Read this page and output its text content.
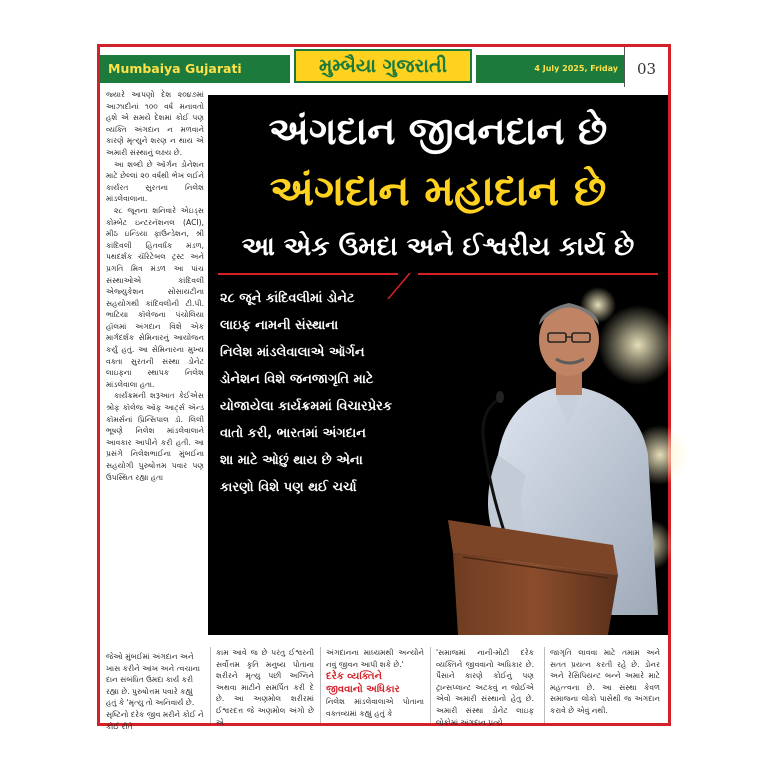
Mumbaiya Gujarati	મુમ્બૈયા ગુજરાતી	4 July 2025, Friday	03

જ્યારે આપણો દેશ ૨૦૪૭માં આઝાદીનાં ૧૦૦ વર્ષ મનાવતો હશે એ સમયે દેશમાં કોઈ પણ વ્યક્તિ અંગદાન ન મળવાને કારણે મૃત્યુને શરણ ન થાય એ અમારી સંસ્થાનું લક્ષ્ય છે.

આ શબ્દો છે ઑર્ગન ડોનેશન માટે છેલ્લાં ૨૦ વર્ષથી ભેખ લઈને કાર્યરત સુરતના નિલેશ માંડલેવાલાના.

૨૮ જૂનના શનિવારે એઇડ્સ કોમ્બેટ ઇન્ટરનૅશનલ (ACI), મીઠ ઇન્ડિયા ફાઉન્ડેશન, શ્રી કાંદિવલી હિતવર્ધક મંડળ, પથદર્શક ચૅરિટેબલ ટ્રસ્ટ અને પ્રગતિ મિત્ર મંડળ આ પાંચ સંસ્થાઓએ કાંદિવલી એજ્યુકેશન સોસાયટીના સહયોગથી કાંદિવલીની ટી.પી. ભાટિયા કૉલેજના પંચોલિયા હૉલમાં અંગદાન વિશે એક માર્ગદર્શક સેમિનારનું આયોજન કર્યું હતું. આ સેમિનારના મુખ્ય વક્તા સુરતની સંસ્થા ડોનેટ લાઇફના સ્થાપક નિલેશ માંડલેવાલા હતા.

કાર્યક્રમની શરૂઆત કેઈએસ શ્રોફ કૉલેજ ઑફ આર્ટ્સ ઍન્ડ કૉમર્સનાં પ્રિન્સિપાલ ડૉ. લિલી ભૂષણે નિલેશ માંડલેવાલાને આવકાર આપીને કરી હતી. આ પ્રસંગે નિલેશભાઈના મુંબઈના સહયોગી પુરુષોત્તમ પવાર પણ ઉપસ્થિત રહ્યા હતા

અંગદાન જીવનદાન છે
અંગદાન મહાદાન છે
આ એક ઉમદા અને ઈશ્વરીય કાર્ય છે
૨૮ જૂને કાંદિવલીમાં ડોનેટ
લાઇફ નામની સંસ્થાના
નિલેશ માંડલેવાલાએ ઑર્ગન
ડોનેશન વિશે જનજાગૃતિ માટે
યોજાયેલા કાર્યક્રમમાં વિચારપ્રેરક
વાતો કરી, ભારતમાં અંગદાન
શા માટે ઓછું થાય છે એના
કારણો વિશે પણ થઈ ચર્ચા

જેઓ મુંબઈમાં અંગદાન અને ખાસ કરીને આંખ અને ત્વચાના દાન સંબંધિત ઉમદા કાર્ય કરી રહ્યા છે. પુરુષોત્તમ પવારે કહ્યું હતું કે 'મૃત્યુ તો અનિવાર્ય છે. સૃષ્ટિનો દરેક જીવ મરીને કોઈ ને કોઈ રીતે

કામ આવે જ છે પરંતુ ઈશ્વરની સર્વોત્તમ કૃતિ મનુષ્ય પોતાના શરીરને મૃત્યુ પછી અગ્નિને અથવા માટીને સમર્પિત કરી દે છે. આ અણમોલ શરીરમાં ઈશ્વરદત્ત જે અણમોલ અંગો છે એ

અંગદાનના માધ્યમથી અન્યોને નવું જીવન આપી શકે છે.'

દરેક વ્યક્તિને
જીવવાનો અધિકાર

નિલેશ માંડલેવાલાએ પોતાના વક્તવ્યમાં કહ્યું હતું કે

'સમાજમાં નાની-મોટી દરેક વ્યક્તિને જીવવાનો અધિકાર છે. પૈસાને કારણે કોઈનું પણ ટ્રાન્સપ્લાન્ટ અટકવું ન જોઈએ એવો અમારી સંસ્થાનો હેતુ છે. અમારી સંસ્થા ડોનેટ લાઇફ લોકોમાં અંગદાન પ્રત્યે

જાગૃતિ લાવવા માટે તમામ અને સતત પ્રયત્ન કરતી રહે છે. ડોનર અને રેસિપિયન્ટ બન્ને અમારે માટે મહત્ત્વના છે. આ સંસ્થા કેવળ સમાજના લોકો પાસેથી જ અંગદાન કરાવે છે એવું નથી.
